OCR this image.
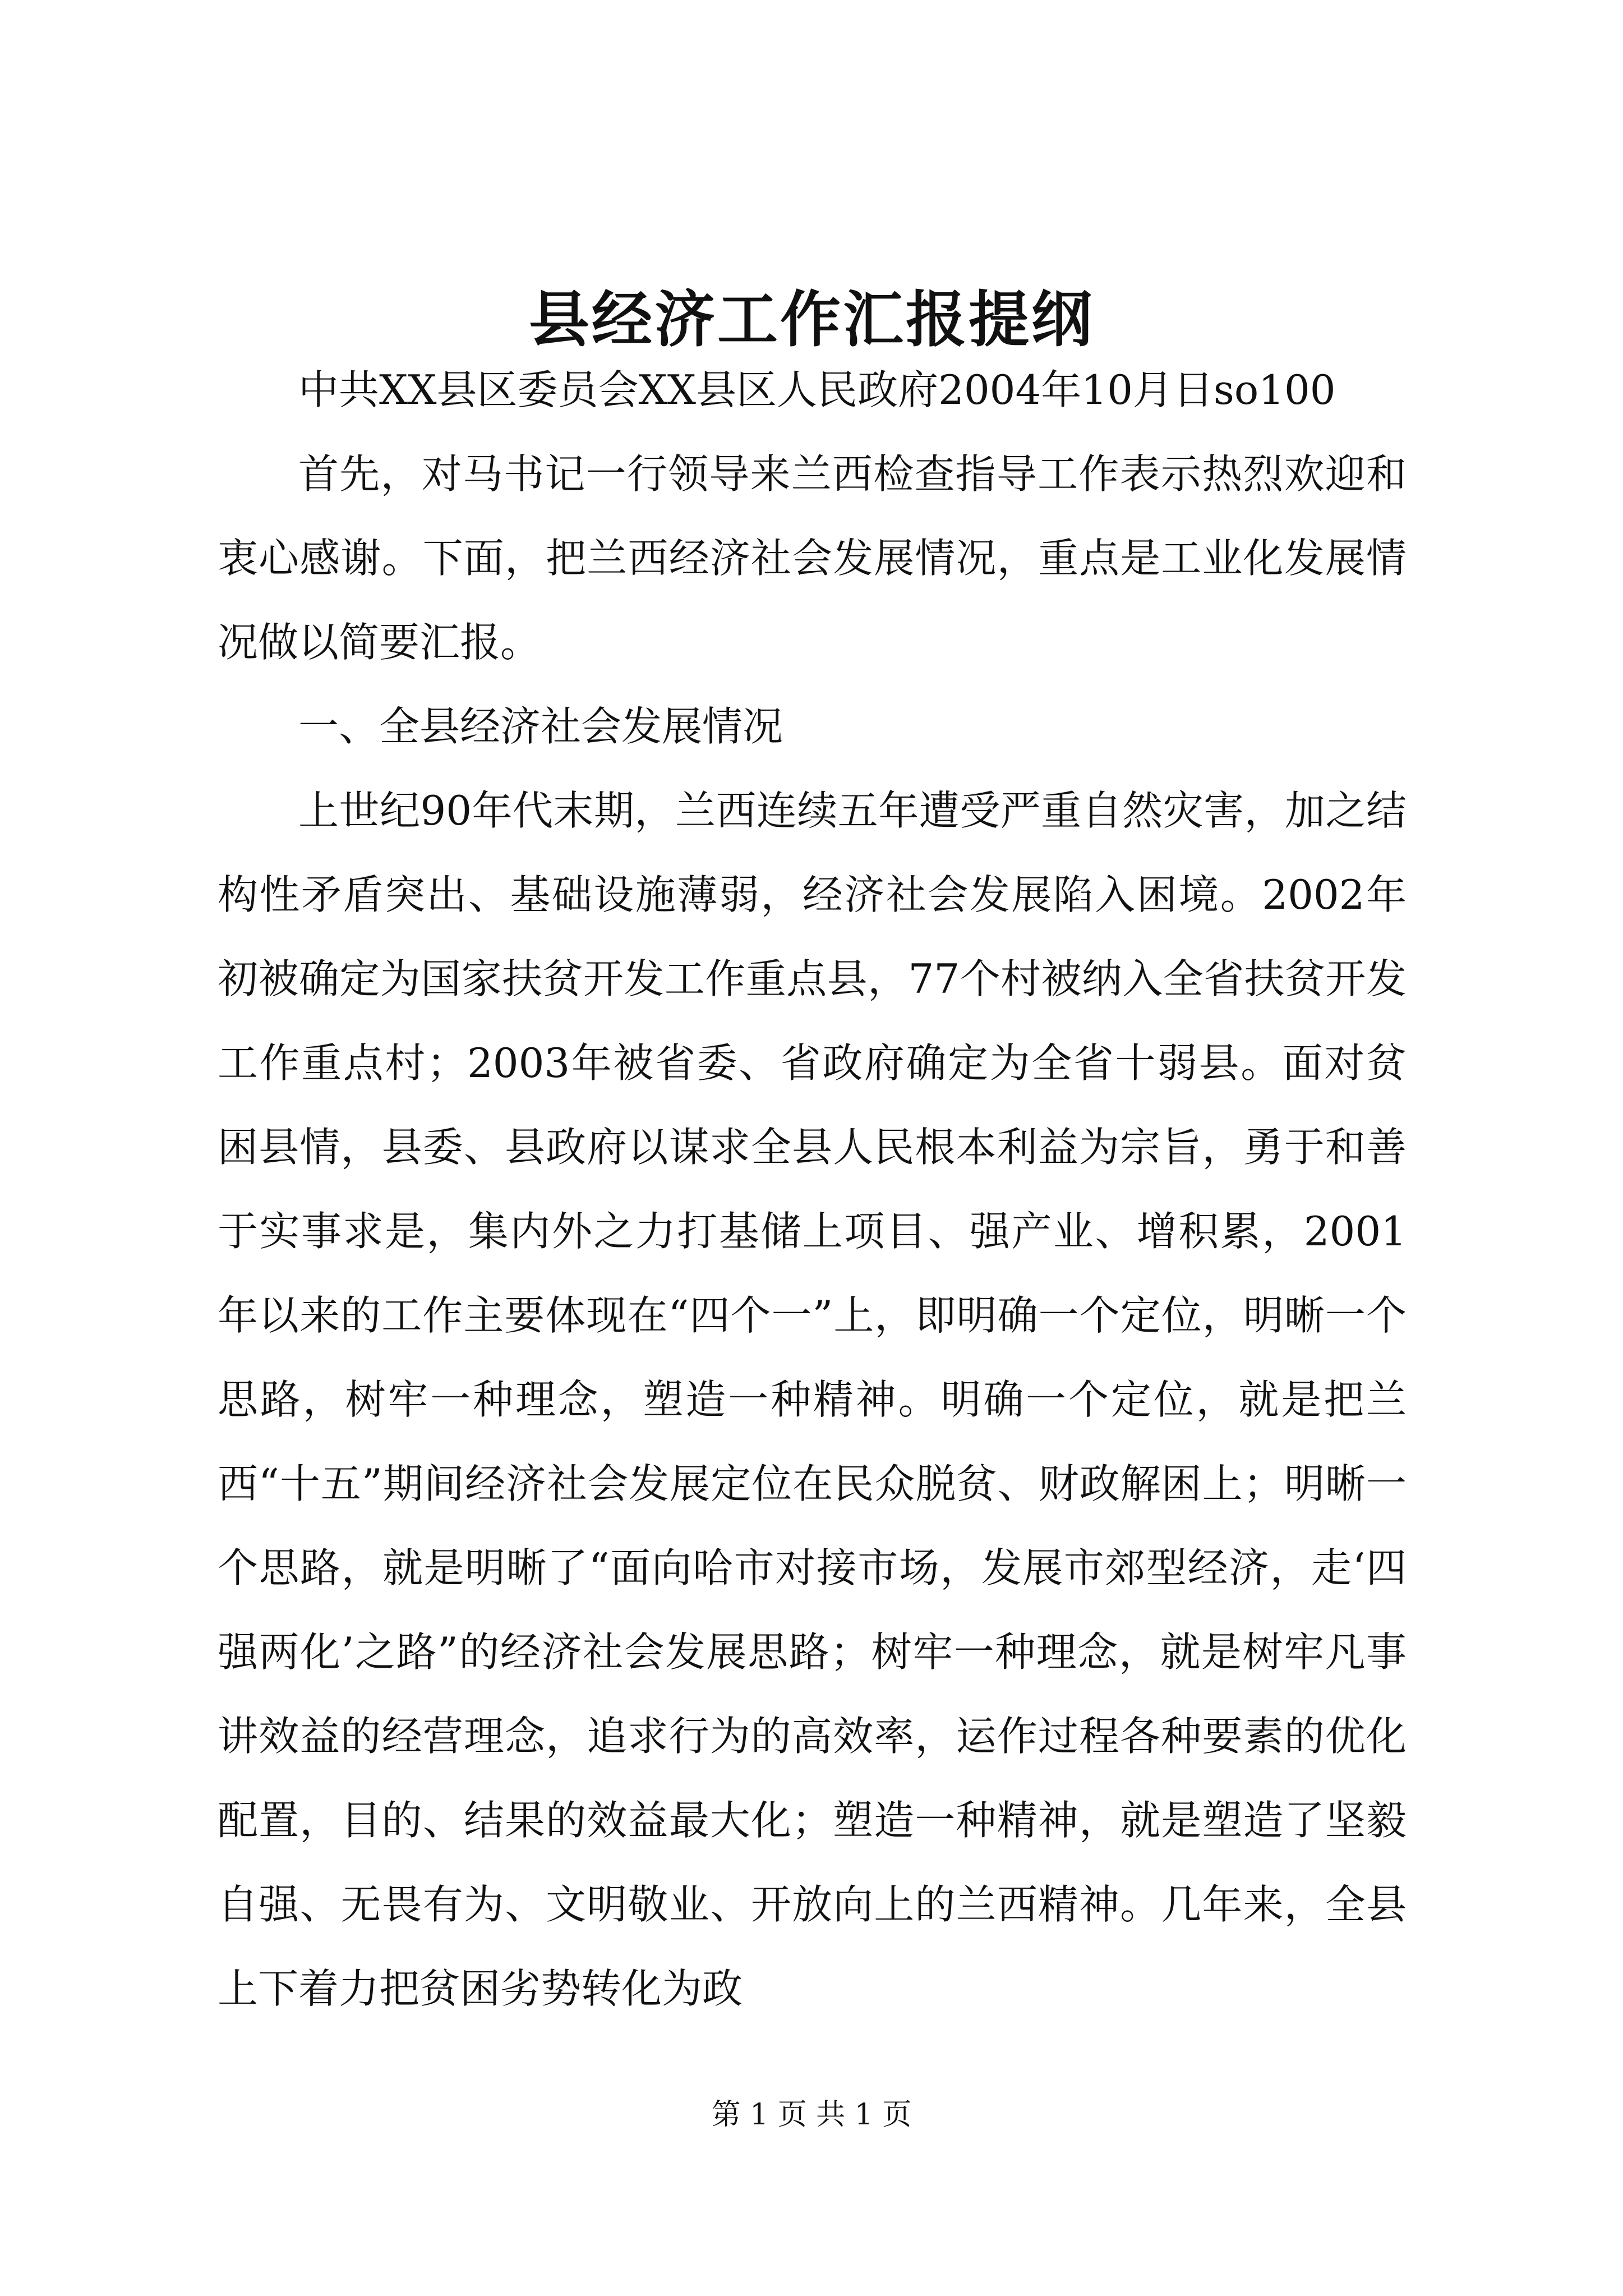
县经济工作汇报提纲

中共XX县区委员会XX县区人民政府2004年10月日so100

首先，对马书记一行领导来兰西检查指导工作表示热烈欢迎和衷心感谢。下面，把兰西经济社会发展情况，重点是工业化发展情况做以简要汇报。

一、全县经济社会发展情况

上世纪90年代末期，兰西连续五年遭受严重自然灾害，加之结构性矛盾突出、基础设施薄弱，经济社会发展陷入困境。2002年初被确定为国家扶贫开发工作重点县，77个村被纳入全省扶贫开发工作重点村；2003年被省委、省政府确定为全省十弱县。面对贫困县情，县委、县政府以谋求全县人民根本利益为宗旨，勇于和善于实事求是，集内外之力打基储上项目、强产业、增积累，2001年以来的工作主要体现在“四个一”上，即明确一个定位，明晰一个思路，树牢一种理念，塑造一种精神。明确一个定位，就是把兰西“十五”期间经济社会发展定位在民众脱贫、财政解困上；明晰一个思路，就是明晰了“面向哈市对接市场，发展市郊型经济，走‘四强两化’之路”的经济社会发展思路；树牢一种理念，就是树牢凡事讲效益的经营理念，追求行为的高效率，运作过程各种要素的优化配置，目的、结果的效益最大化；塑造一种精神，就是塑造了坚毅自强、无畏有为、文明敬业、开放向上的兰西精神。几年来，全县上下着力把贫困劣势转化为政

第 1 页 共 1 页
